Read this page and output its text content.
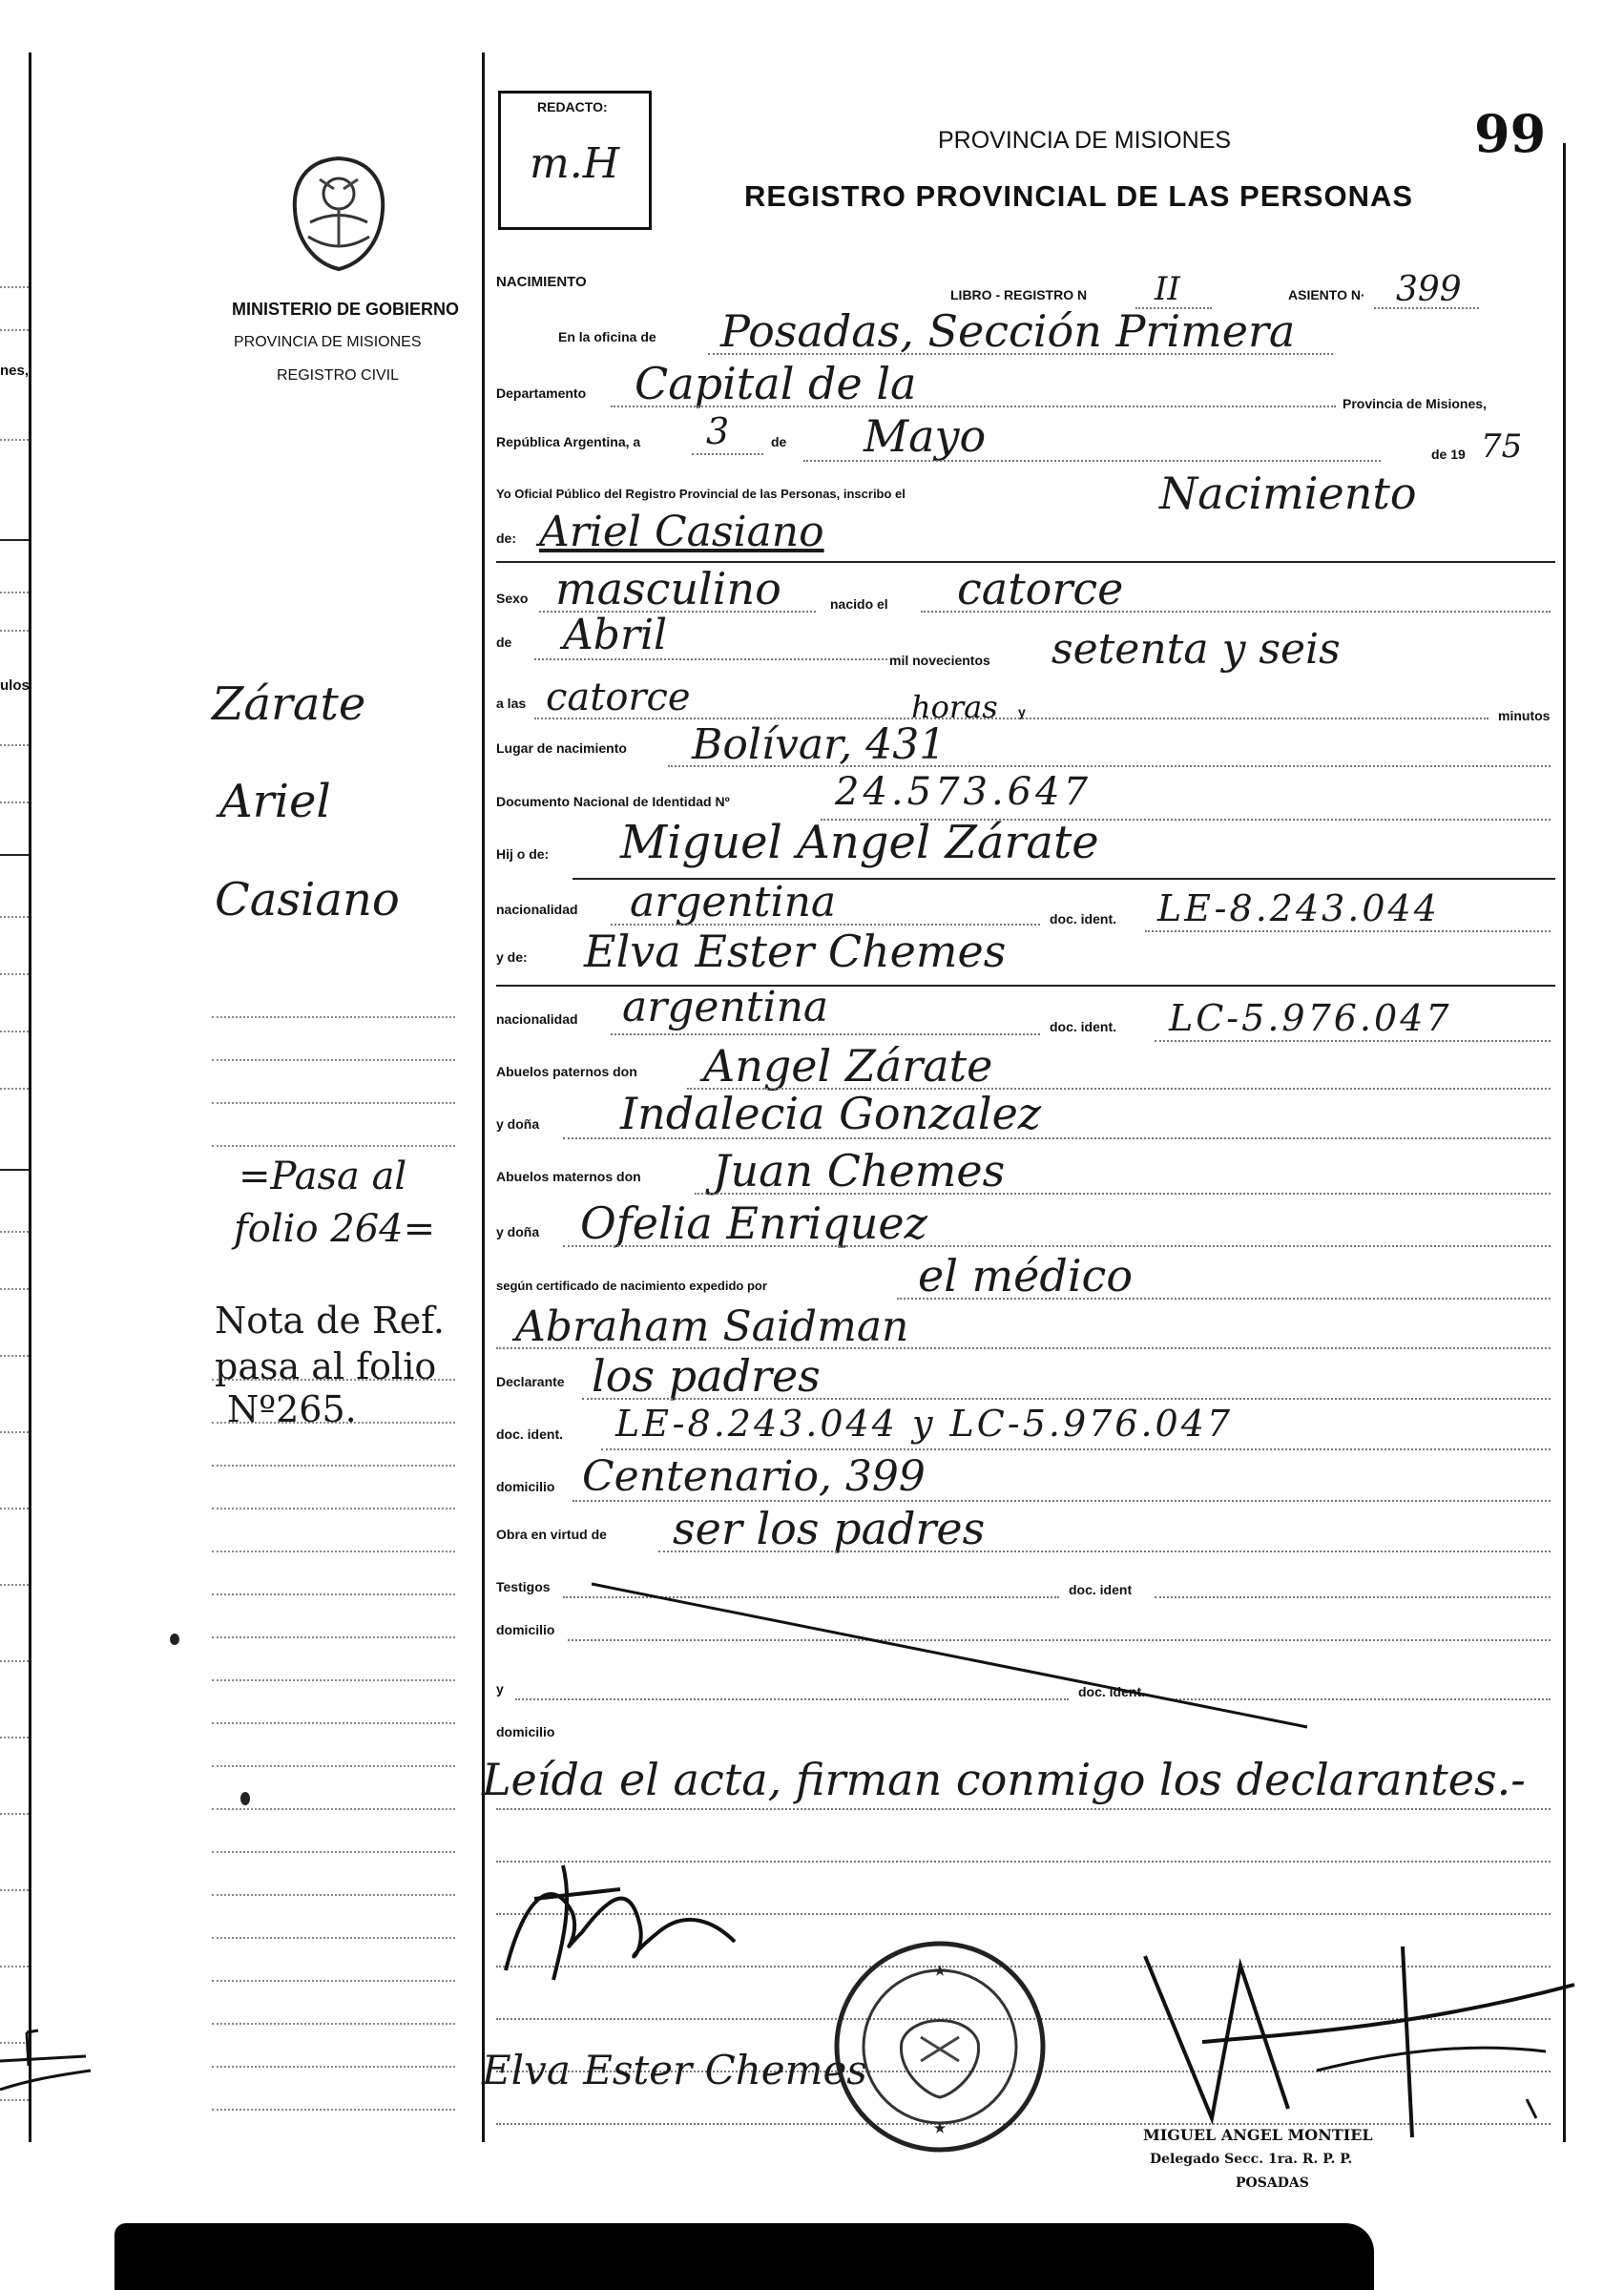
REDACTO:
m.H	99
PROVINCIA DE MISIONES
REGISTRO PROVINCIAL DE LAS PERSONAS
MINISTERIO DE GOBIERNO
PROVINCIA DE MISIONES
REGISTRO CIVIL
nes,
ulos	Zárate
Ariel
Casiano
=Pasa al
folio 264=
Nota de Ref.
pasa al folio
Nº265.
NACIMIENTO
LIBRO - REGISTRO N II	ASIENTO N· 399
En la oficina de Posadas, Sección Primera
Departamento Capital de la	Provincia de Misiones,
República Argentina, a 3	de Mayo	de 19 75
Yo Oficial Público del Registro Provincial de las Personas, inscribo el	Nacimiento
de: Ariel Casiano
Sexo masculino	nacido el catorce
de Abril
mil novecientos setenta y seis
a las catorce	horas y	minutos
Lugar de nacimiento Bolívar, 431
Documento Nacional de Identidad Nº	24.573.647
Hij o de: Miguel Angel Zárate
nacionalidad argentina	doc. ident. LE-8.243.044
y de: Elva Ester Chemes
nacionalidad argentina	doc. ident. LC-5.976.047
Abuelos paternos don Angel Zárate
y doña Indalecia Gonzalez
Abuelos maternos don Juan Chemes
y doña Ofelia Enriquez
según certificado de nacimiento expedido por	el médico
Abraham Saidman
Declarante los padres
doc. ident. LE-8.243.044 y LC-5.976.047
domicilio Centenario, 399
Obra en virtud de ser los padres
Testigos	doc. ident
domicilio
y	doc. ident.
domicilio
Leída el acta, firman conmigo los declarantes.-
Elva Ester Chemes
★
★	MIGUEL ANGEL MONTIEL
Delegado Secc. 1ra. R. P. P.
POSADAS
